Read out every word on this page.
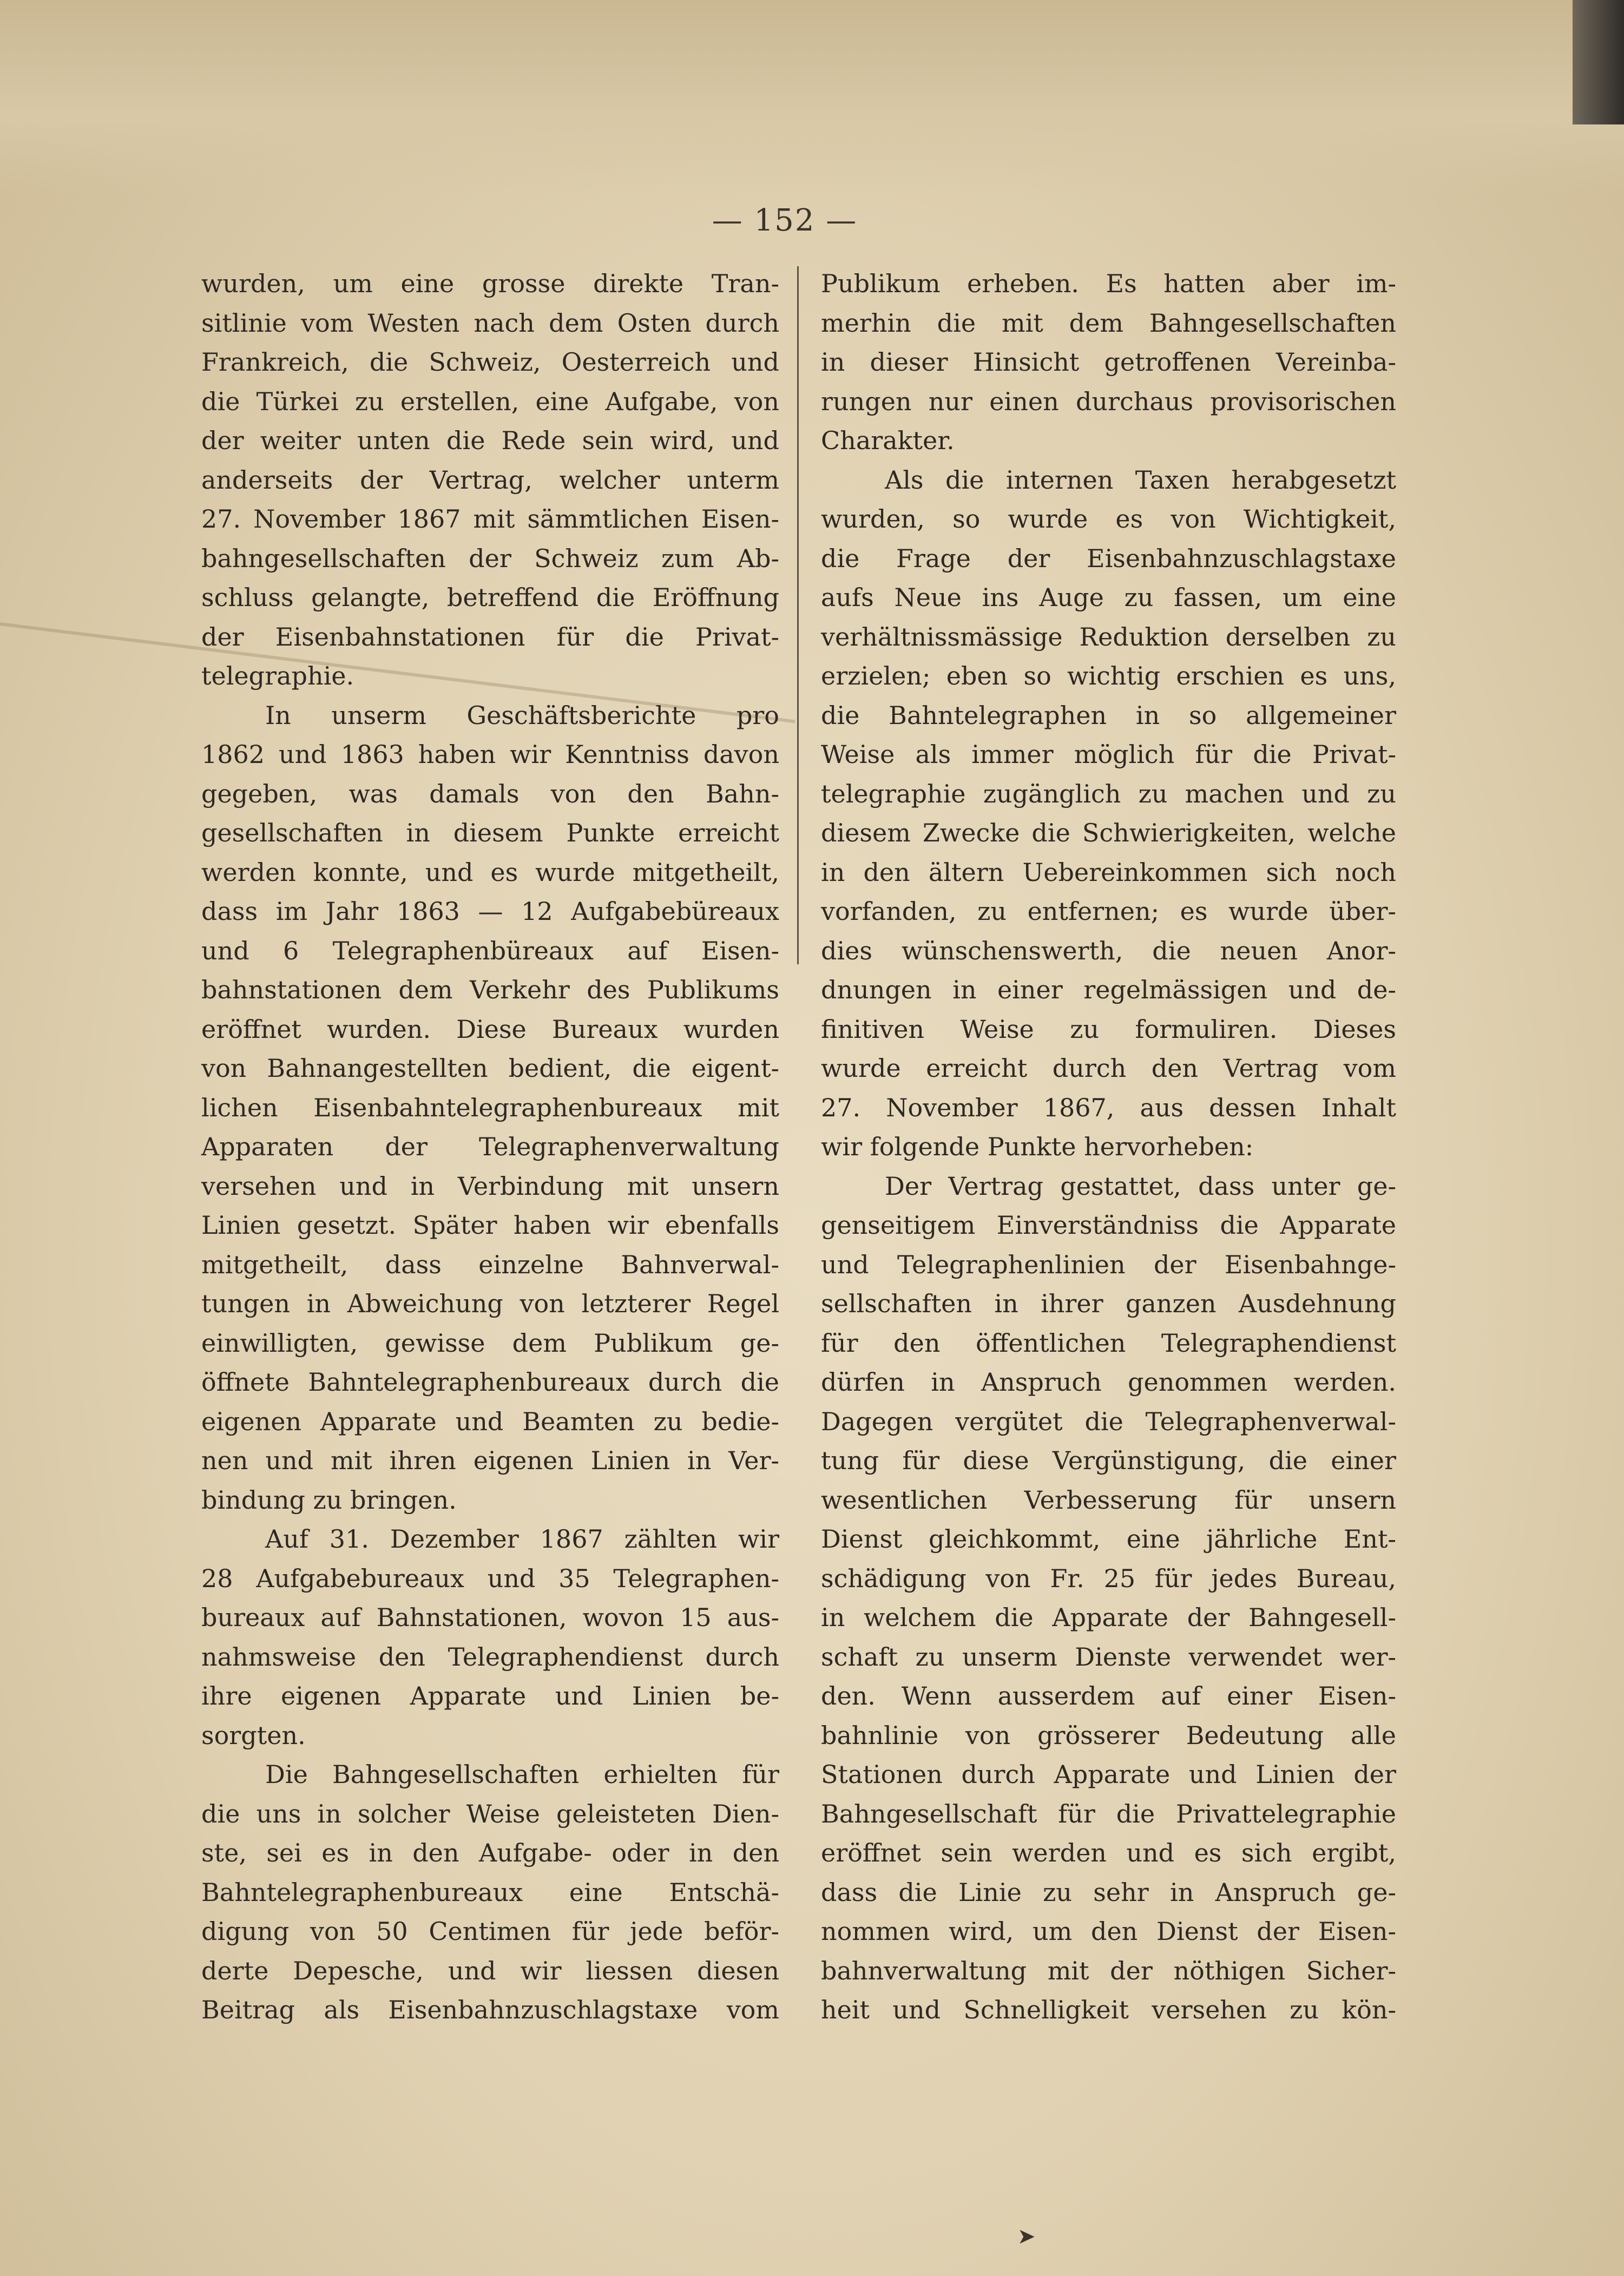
— 152 —
wurden, um eine grosse direkte Tran-
sitlinie vom Westen nach dem Osten durch
Frankreich, die Schweiz, Oesterreich und
die Türkei zu erstellen, eine Aufgabe, von
der weiter unten die Rede sein wird, und
anderseits der Vertrag, welcher unterm
27. November 1867 mit sämmtlichen Eisen-
bahngesellschaften der Schweiz zum Ab-
schluss gelangte, betreffend die Eröffnung
der Eisenbahnstationen für die Privat-
telegraphie.
In unserm Geschäftsberichte pro
1862 und 1863 haben wir Kenntniss davon
gegeben, was damals von den Bahn-
gesellschaften in diesem Punkte erreicht
werden konnte, und es wurde mitgetheilt,
dass im Jahr 1863 — 12 Aufgabebüreaux
und 6 Telegraphenbüreaux auf Eisen-
bahnstationen dem Verkehr des Publikums
eröffnet wurden. Diese Bureaux wurden
von Bahnangestellten bedient, die eigent-
lichen Eisenbahntelegraphenbureaux mit
Apparaten der Telegraphenverwaltung
versehen und in Verbindung mit unsern
Linien gesetzt. Später haben wir ebenfalls
mitgetheilt, dass einzelne Bahnverwal-
tungen in Abweichung von letzterer Regel
einwilligten, gewisse dem Publikum ge-
öffnete Bahntelegraphenbureaux durch die
eigenen Apparate und Beamten zu bedie-
nen und mit ihren eigenen Linien in Ver-
bindung zu bringen.
Auf 31. Dezember 1867 zählten wir
28 Aufgabebureaux und 35 Telegraphen-
bureaux auf Bahnstationen, wovon 15 aus-
nahmsweise den Telegraphendienst durch
ihre eigenen Apparate und Linien be-
sorgten.
Die Bahngesellschaften erhielten für
die uns in solcher Weise geleisteten Dien-
ste, sei es in den Aufgabe- oder in den
Bahntelegraphenbureaux eine Entschä-
digung von 50 Centimen für jede beför-
derte Depesche, und wir liessen diesen
Beitrag als Eisenbahnzuschlagstaxe vom
Publikum erheben. Es hatten aber im-
merhin die mit dem Bahngesellschaften
in dieser Hinsicht getroffenen Vereinba-
rungen nur einen durchaus provisorischen
Charakter.
Als die internen Taxen herabgesetzt
wurden, so wurde es von Wichtigkeit,
die Frage der Eisenbahnzuschlagstaxe
aufs Neue ins Auge zu fassen, um eine
verhältnissmässige Reduktion derselben zu
erzielen; eben so wichtig erschien es uns,
die Bahntelegraphen in so allgemeiner
Weise als immer möglich für die Privat-
telegraphie zugänglich zu machen und zu
diesem Zwecke die Schwierigkeiten, welche
in den ältern Uebereinkommen sich noch
vorfanden, zu entfernen; es wurde über-
dies wünschenswerth, die neuen Anor-
dnungen in einer regelmässigen und de-
finitiven Weise zu formuliren. Dieses
wurde erreicht durch den Vertrag vom
27. November 1867, aus dessen Inhalt
wir folgende Punkte hervorheben:
Der Vertrag gestattet, dass unter ge-
genseitigem Einverständniss die Apparate
und Telegraphenlinien der Eisenbahnge-
sellschaften in ihrer ganzen Ausdehnung
für den öffentlichen Telegraphendienst
dürfen in Anspruch genommen werden.
Dagegen vergütet die Telegraphenverwal-
tung für diese Vergünstigung, die einer
wesentlichen Verbesserung für unsern
Dienst gleichkommt, eine jährliche Ent-
schädigung von Fr. 25 für jedes Bureau,
in welchem die Apparate der Bahngesell-
schaft zu unserm Dienste verwendet wer-
den. Wenn ausserdem auf einer Eisen-
bahnlinie von grösserer Bedeutung alle
Stationen durch Apparate und Linien der
Bahngesellschaft für die Privattelegraphie
eröffnet sein werden und es sich ergibt,
dass die Linie zu sehr in Anspruch ge-
nommen wird, um den Dienst der Eisen-
bahnverwaltung mit der nöthigen Sicher-
heit und Schnelligkeit versehen zu kön-
➤
